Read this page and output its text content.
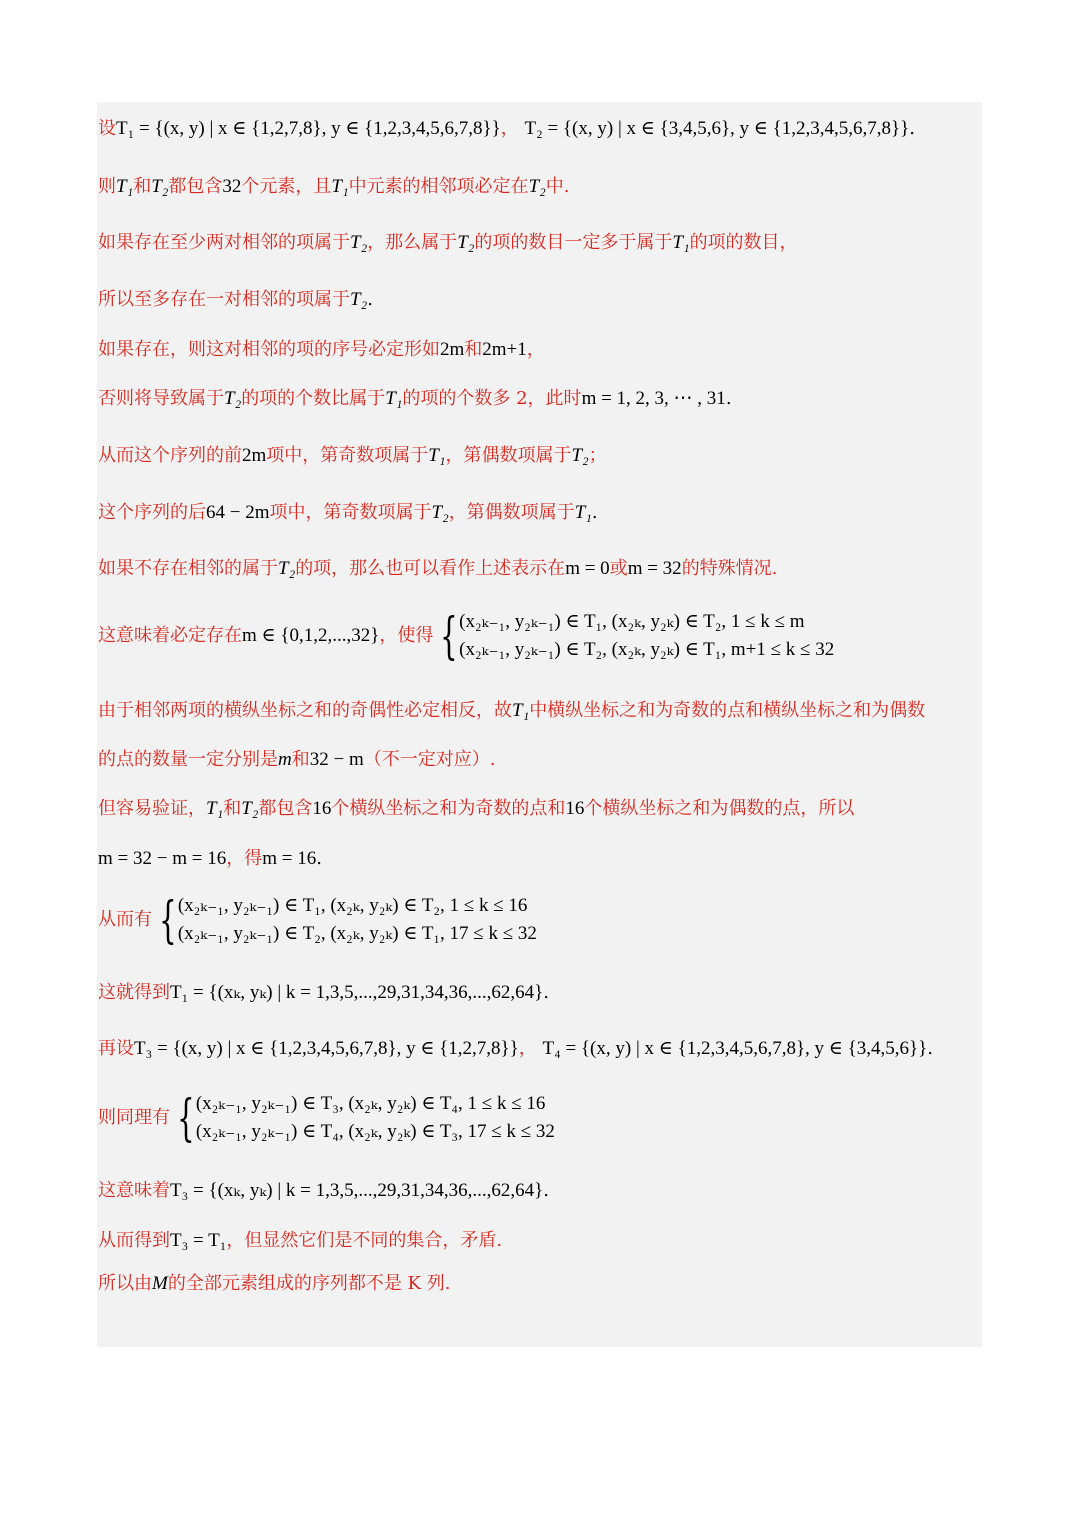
设T₁ = {(x, y) | x ∈ {1,2,7,8}, y ∈ {1,2,3,4,5,6,7,8}}， T₂ = {(x, y) | x ∈ {3,4,5,6}, y ∈ {1,2,3,4,5,6,7,8}}.
则T₁和T₂都包含32个元素，且T₁中元素的相邻项必定在T₂中.
如果存在至少两对相邻的项属于T₂，那么属于T₂的项的数目一定多于属于T₁的项的数目，
所以至多存在一对相邻的项属于T₂.
如果存在，则这对相邻的项的序号必定形如2m和2m+1，
否则将导致属于T₂的项的个数比属于T₁的项的个数多 2，此时m = 1, 2, 3, ⋯ , 31.
从而这个序列的前2m项中，第奇数项属于T₁，第偶数项属于T₂；
这个序列的后64 − 2m项中，第奇数项属于T₂，第偶数项属于T₁.
如果不存在相邻的属于T₂的项，那么也可以看作上述表示在m = 0或m = 32的特殊情况.
这意味着必定存在m ∈ {0,1,2,...,32}，使得 { (x₂ₖ₋₁, y₂ₖ₋₁) ∈ T₁, (x₂ₖ, y₂ₖ) ∈ T₂, 1 ≤ k ≤ m
(x₂ₖ₋₁, y₂ₖ₋₁) ∈ T₂, (x₂ₖ, y₂ₖ) ∈ T₁, m+1 ≤ k ≤ 32
由于相邻两项的横纵坐标之和的奇偶性必定相反，故T₁中横纵坐标之和为奇数的点和横纵坐标之和为偶数
的点的数量一定分别是m和32 − m（不一定对应）.
但容易验证，T₁和T₂都包含16个横纵坐标之和为奇数的点和16个横纵坐标之和为偶数的点，所以
m = 32 − m = 16，得m = 16.
从而有 { (x₂ₖ₋₁, y₂ₖ₋₁) ∈ T₁, (x₂ₖ, y₂ₖ) ∈ T₂, 1 ≤ k ≤ 16
(x₂ₖ₋₁, y₂ₖ₋₁) ∈ T₂, (x₂ₖ, y₂ₖ) ∈ T₁, 17 ≤ k ≤ 32
这就得到T₁ = {(xₖ, yₖ) | k = 1,3,5,...,29,31,34,36,...,62,64}.
再设T₃ = {(x, y) | x ∈ {1,2,3,4,5,6,7,8}, y ∈ {1,2,7,8}}， T₄ = {(x, y) | x ∈ {1,2,3,4,5,6,7,8}, y ∈ {3,4,5,6}}.
则同理有 { (x₂ₖ₋₁, y₂ₖ₋₁) ∈ T₃, (x₂ₖ, y₂ₖ) ∈ T₄, 1 ≤ k ≤ 16
(x₂ₖ₋₁, y₂ₖ₋₁) ∈ T₄, (x₂ₖ, y₂ₖ) ∈ T₃, 17 ≤ k ≤ 32
这意味着T₃ = {(xₖ, yₖ) | k = 1,3,5,...,29,31,34,36,...,62,64}.
从而得到T₃ = T₁，但显然它们是不同的集合，矛盾.
所以由M的全部元素组成的序列都不是 K 列.
